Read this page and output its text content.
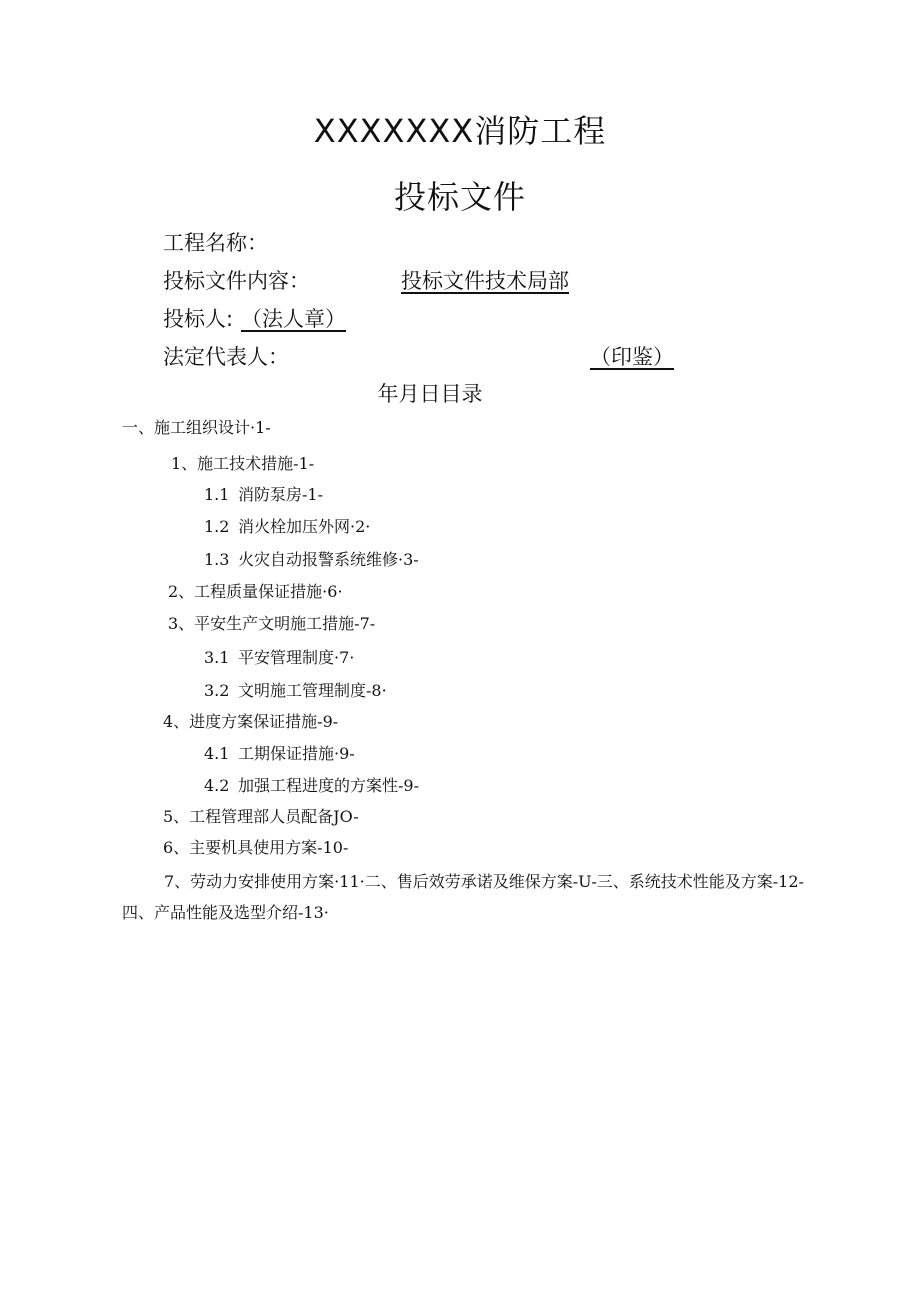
XXXXXXX消防工程
投标文件
工程名称：
投标文件内容：	投标文件技术局部
投标人: （法人章）
法定代表人：	（印鉴）
年月日目录
一、施工组织设计·1-
1、施工技术措施-1-
1.1 消防泵房-1-
1.2 消火栓加压外网·2·
1.3 火灾自动报警系统维修·3-
2、工程质量保证措施·6·
3、平安生产文明施工措施-7-
3.1 平安管理制度·7·
3.2 文明施工管理制度-8·
4、进度方案保证措施-9-
4.1 工期保证措施·9-
4.2 加强工程进度的方案性-9-
5、工程管理部人员配备JO-
6、主要机具使用方案-10-
7、劳动力安排使用方案·11·二、售后效劳承诺及维保方案-U-三、系统技术性能及方案-12-四、产品性能及选型介绍-13·
